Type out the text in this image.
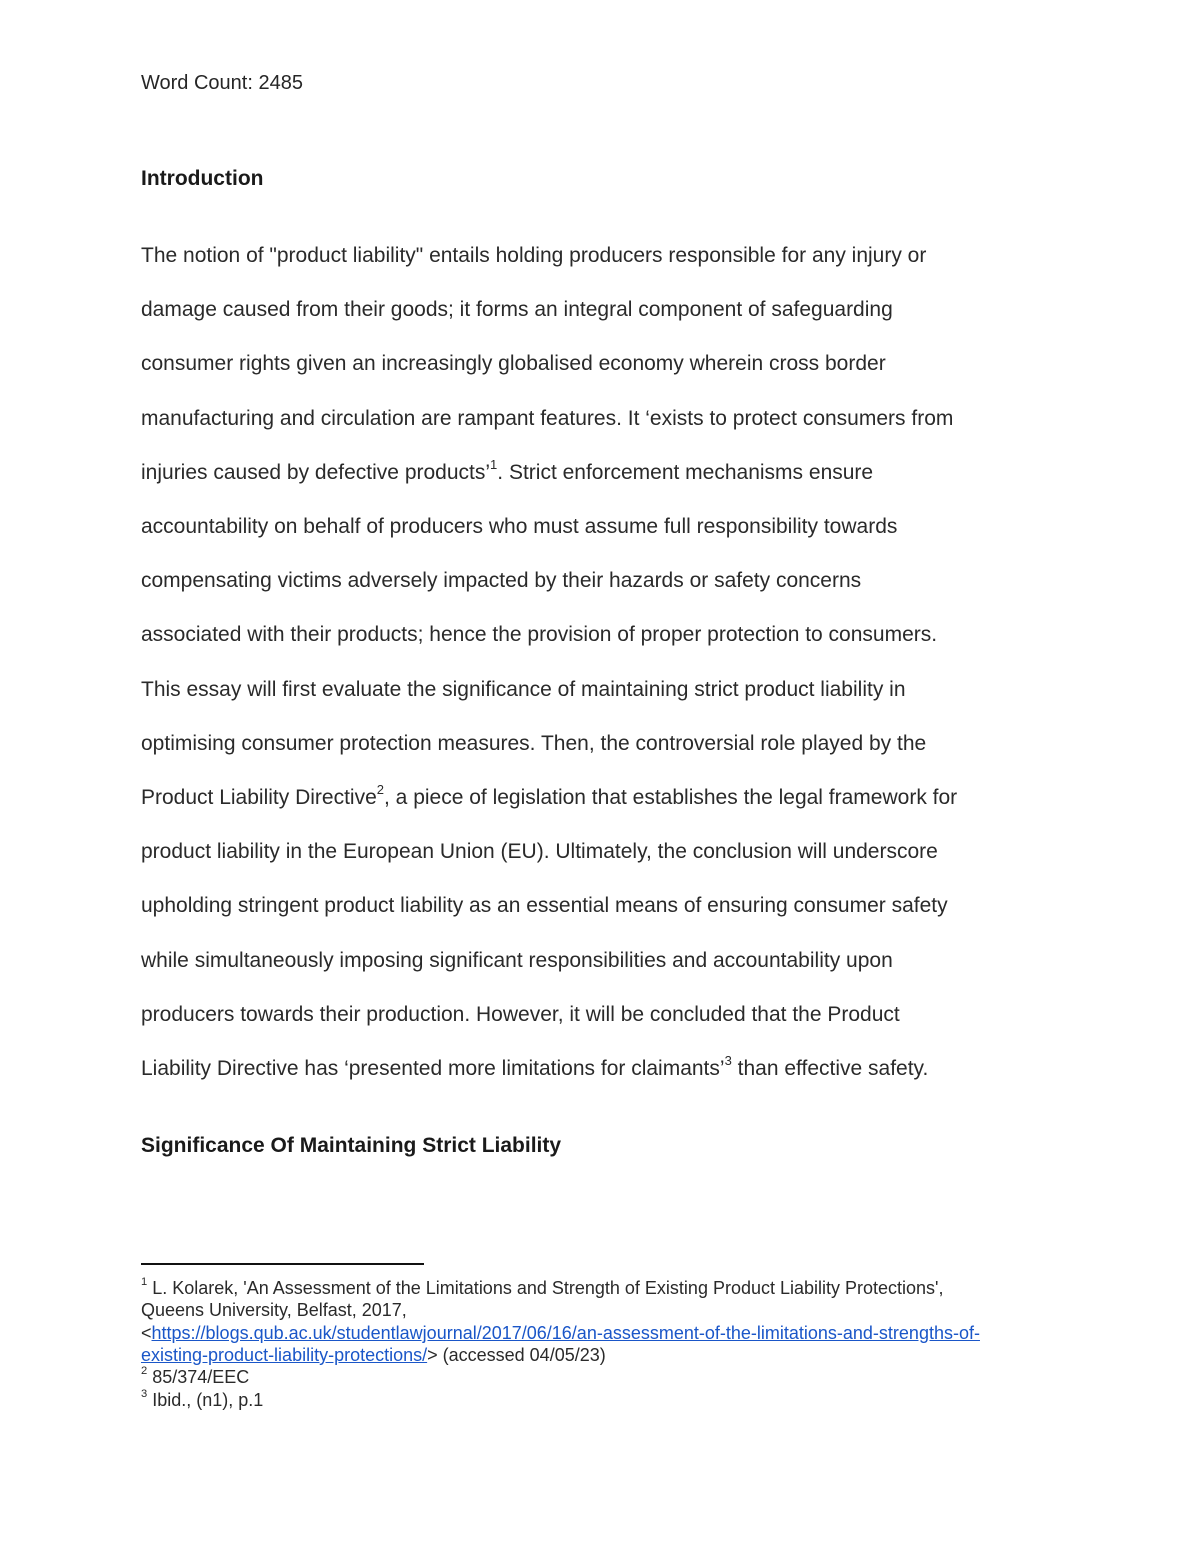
Word Count: 2485
Introduction
The notion of "product liability" entails holding producers responsible for any injury or
damage caused from their goods; it forms an integral component of safeguarding
consumer rights given an increasingly globalised economy wherein cross border
manufacturing and circulation are rampant features. It ‘exists to protect consumers from
injuries caused by defective products’$^1$. Strict enforcement mechanisms ensure
accountability on behalf of producers who must assume full responsibility towards
compensating victims adversely impacted by their hazards or safety concerns
associated with their products; hence the provision of proper protection to consumers.
This essay will first evaluate the significance of maintaining strict product liability in
optimising consumer protection measures. Then, the controversial role played by the
Product Liability Directive$^2$, a piece of legislation that establishes the legal framework for
product liability in the European Union (EU). Ultimately, the conclusion will underscore
upholding stringent product liability as an essential means of ensuring consumer safety
while simultaneously imposing significant responsibilities and accountability upon
producers towards their production. However, it will be concluded that the Product
Liability Directive has ‘presented more limitations for claimants’$^3$ than effective safety.
Significance Of Maintaining Strict Liability
$^1$ L. Kolarek, 'An Assessment of the Limitations and Strength of Existing Product Liability Protections',
Queens University, Belfast, 2017,
<https://blogs.qub.ac.uk/studentlawjournal/2017/06/16/an-assessment-of-the-limitations-and-strengths-of-
existing-product-liability-protections/> (accessed 04/05/23)
$^2$ 85/374/EEC
$^3$ Ibid., (n1), p.1
